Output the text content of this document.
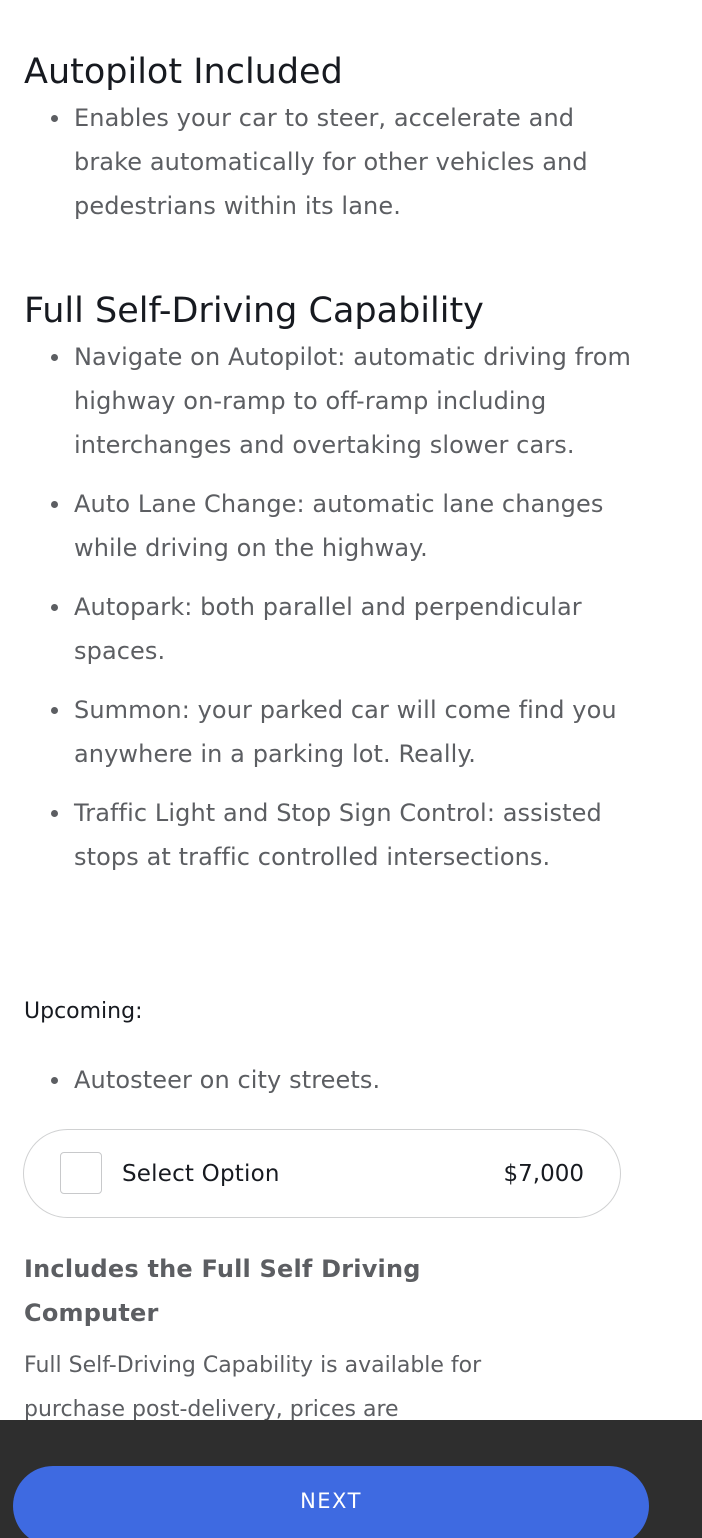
Autopilot Included
Enables your car to steer, accelerate and brake automatically for other vehicles and pedestrians within its lane.
Full Self-Driving Capability
Navigate on Autopilot: automatic driving from highway on-ramp to off-ramp including interchanges and overtaking slower cars.
Auto Lane Change: automatic lane changes while driving on the highway.
Autopark: both parallel and perpendicular spaces.
Summon: your parked car will come find you anywhere in a parking lot. Really.
Traffic Light and Stop Sign Control: assisted stops at traffic controlled intersections.

Upcoming:

Autosteer on city streets.
Select Option	$7,000
Includes the Full Self Driving Computer

Full Self-Driving Capability is available for purchase post-delivery, prices are

NEXT
